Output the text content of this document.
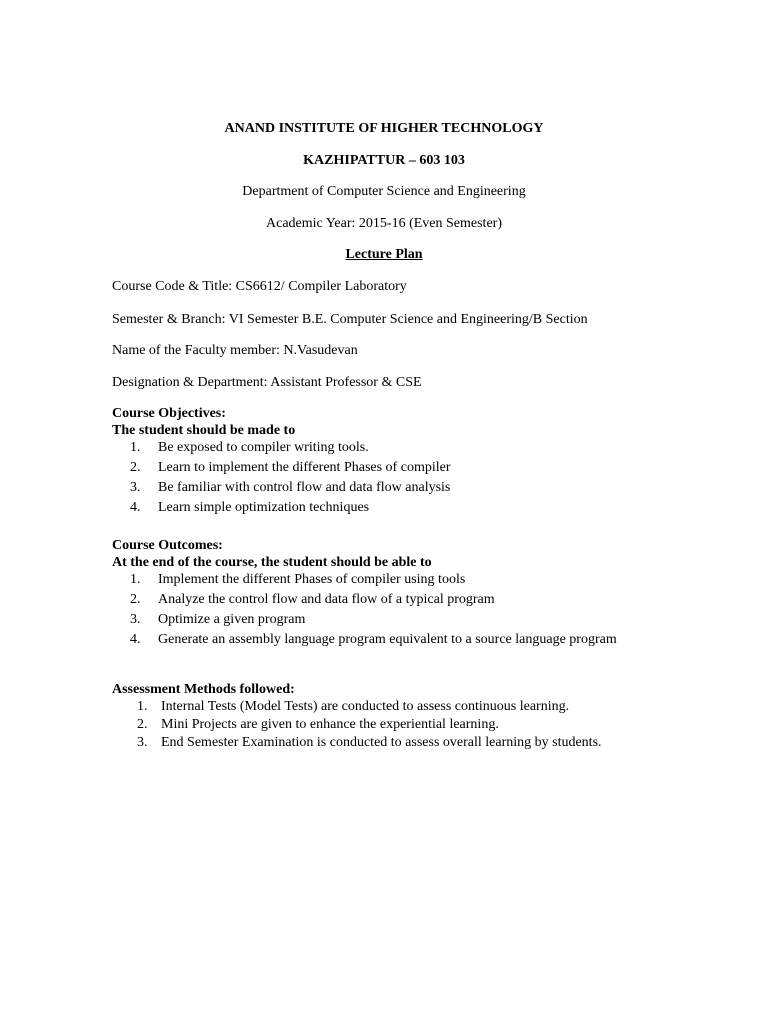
ANAND INSTITUTE OF HIGHER TECHNOLOGY
KAZHIPATTUR – 603 103
Department of Computer Science and Engineering
Academic Year: 2015-16 (Even Semester)
Lecture Plan
Course Code & Title: CS6612/ Compiler Laboratory
Semester & Branch: VI Semester B.E. Computer Science and Engineering/B Section
Name of the Faculty member: N.Vasudevan
Designation & Department: Assistant Professor & CSE
Course Objectives:
The student should be made to
1. Be exposed to compiler writing tools.
2. Learn to implement the different Phases of compiler
3. Be familiar with control flow and data flow analysis
4. Learn simple optimization techniques
Course Outcomes:
At the end of the course, the student should be able to
1. Implement the different Phases of compiler using tools
2. Analyze the control flow and data flow of a typical program
3. Optimize a given program
4. Generate an assembly language program equivalent to a source language program
Assessment Methods followed:
1. Internal Tests (Model Tests) are conducted to assess continuous learning.
2. Mini Projects are given to enhance the experiential learning.
3. End Semester Examination is conducted to assess overall learning by students.
